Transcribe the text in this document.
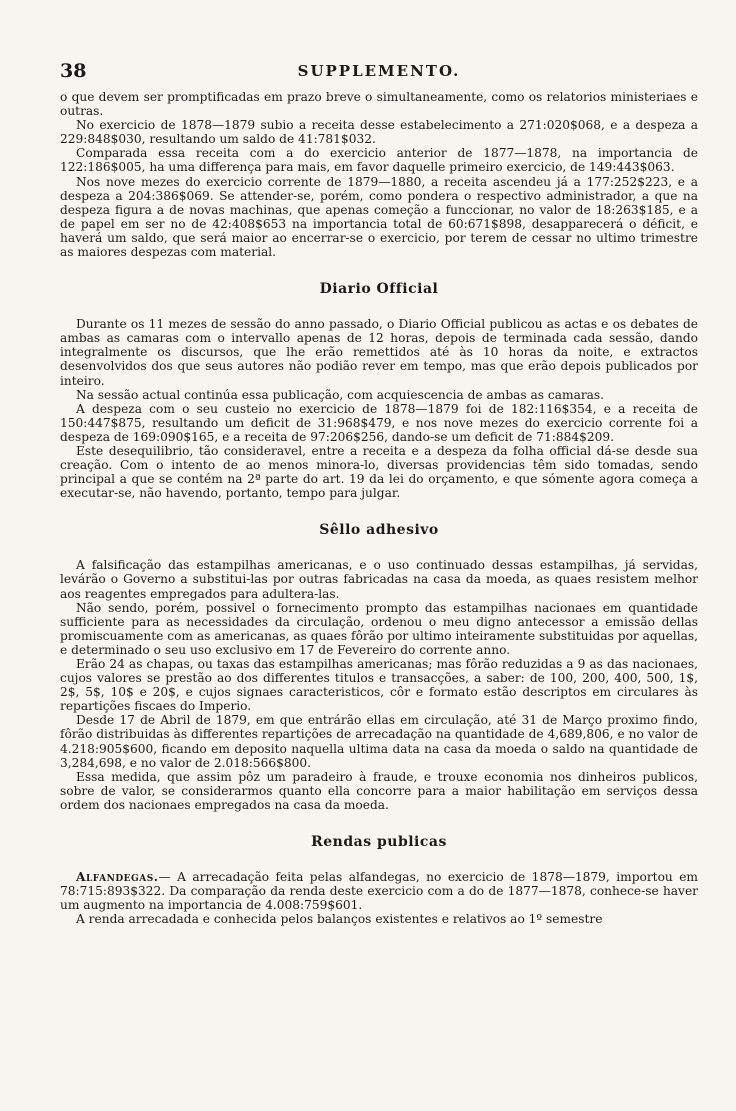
38	SUPPLEMENTO.

o que devem ser promptificadas em prazo breve o simultaneamente, como os relatorios ministeriaes e outras.

No exercicio de 1878—1879 subio a receita desse estabelecimento a 271:020$068, e a despeza a 229:848$030, resultando um saldo de 41:781$032.

Comparada essa receita com a do exercicio anterior de 1877—1878, na importancia de 122:186$005, ha uma differença para mais, em favor daquelle primeiro exercicio, de 149:443$063.

Nos nove mezes do exercicio corrente de 1879—1880, a receita ascendeu já a 177:252$223, e a despeza a 204:386$069. Se attender-se, porém, como pondera o respectivo administrador, a que na despeza figura a de novas machinas, que apenas começão a funccionar, no valor de 18:263$185, e a de papel em ser no de 42:408$653 na importancia total de 60:671$898, desapparecerá o déficit, e haverá um saldo, que será maior ao encerrar-se o exercicio, por terem de cessar no ultimo trimestre as maiores despezas com material.

Diario Official

Durante os 11 mezes de sessão do anno passado, o Diario Official publicou as actas e os debates de ambas as camaras com o intervallo apenas de 12 horas, depois de terminada cada sessão, dando integralmente os discursos, que lhe erão remettidos até às 10 horas da noite, e extractos desenvolvidos dos que seus autores não podião rever em tempo, mas que erão depois publicados por inteiro.

Na sessão actual continúa essa publicação, com acquiescencia de ambas as camaras.

A despeza com o seu custeio no exercicio de 1878—1879 foi de 182:116$354, e a receita de 150:447$875, resultando um deficit de 31:968$479, e nos nove mezes do exercicio corrente foi a despeza de 169:090$165, e a receita de 97:206$256, dando-se um deficit de 71:884$209.

Este desequilibrio, tão consideravel, entre a receita e a despeza da folha official dá-se desde sua creação. Com o intento de ao menos minora-lo, diversas providencias têm sido tomadas, sendo principal a que se contém na 2ª parte do art. 19 da lei do orçamento, e que sómente agora começa a executar-se, não havendo, portanto, tempo para julgar.

Sêllo adhesivo

A falsificação das estampilhas americanas, e o uso continuado dessas estampilhas, já servidas, levárão o Governo a substitui-las por outras fabricadas na casa da moeda, as quaes resistem melhor aos reagentes empregados para adultera-las.

Não sendo, porém, possivel o fornecimento prompto das estampilhas nacionaes em quantidade sufficiente para as necessidades da circulação, ordenou o meu digno antecessor a emissão dellas promiscuamente com as americanas, as quaes fôrão por ultimo inteiramente substituidas por aquellas, e determinado o seu uso exclusivo em 17 de Fevereiro do corrente anno.

Erão 24 as chapas, ou taxas das estampilhas americanas; mas fôrão reduzidas a 9 as das nacionaes, cujos valores se prestão ao dos differentes titulos e transacções, a saber: de 100, 200, 400, 500, 1$, 2$, 5$, 10$ e 20$, e cujos signaes caracteristicos, côr e formato estão descriptos em circulares às repartições fiscaes do Imperio.

Desde 17 de Abril de 1879, em que entrárão ellas em circulação, até 31 de Março proximo findo, fôrão distribuidas às differentes repartições de arrecadação na quantidade de 4,689,806, e no valor de 4.218:905$600, ficando em deposito naquella ultima data na casa da moeda o saldo na quantidade de 3,284,698, e no valor de 2.018:566$800.

Essa medida, que assim pôz um paradeiro à fraude, e trouxe economia nos dinheiros publicos, sobre de valor, se considerarmos quanto ella concorre para a maior habilitação em serviços dessa ordem dos nacionaes empregados na casa da moeda.

Rendas publicas

Alfandegas.— A arrecadação feita pelas alfandegas, no exercicio de 1878—1879, importou em 78:715:893$322. Da comparação da renda deste exercicio com a do de 1877—1878, conhece-se haver um augmento na importancia de 4.008:759$601.

A renda arrecadada e conhecida pelos balanços existentes e relativos ao 1º semestre
